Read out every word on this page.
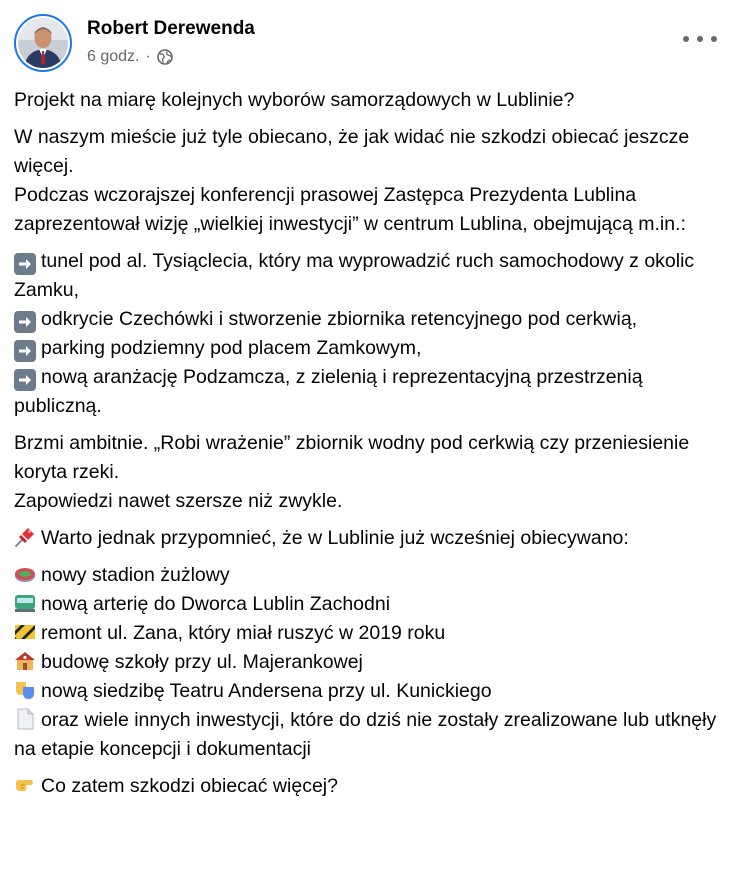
Robert Derewenda
6 godz. ·

Projekt na miarę kolejnych wyborów samorządowych w Lublinie?

W naszym mieście już tyle obiecano, że jak widać nie szkodzi obiecać jeszcze więcej.
Podczas wczorajszej konferencji prasowej Zastępca Prezydenta Lublina zaprezentował wizję „wielkiej inwestycji” w centrum Lublina, obejmującą m.in.:

tunel pod al. Tysiąclecia, który ma wyprowadzić ruch samochodowy z okolic Zamku,
odkrycie Czechówki i stworzenie zbiornika retencyjnego pod cerkwią,
parking podziemny pod placem Zamkowym,
nową aranżację Podzamcza, z zielenią i reprezentacyjną przestrzenią publiczną.

Brzmi ambitnie. „Robi wrażenie” zbiornik wodny pod cerkwią czy przeniesienie koryta rzeki.
Zapowiedzi nawet szersze niż zwykle.

Warto jednak przypomnieć, że w Lublinie już wcześniej obiecywano:

nowy stadion żużlowy
nową arterię do Dworca Lublin Zachodni
remont ul. Zana, który miał ruszyć w 2019 roku
budowę szkoły przy ul. Majerankowej
nową siedzibę Teatru Andersena przy ul. Kunickiego
oraz wiele innych inwestycji, które do dziś nie zostały zrealizowane lub utknęły na etapie koncepcji i dokumentacji

Co zatem szkodzi obiecać więcej?
